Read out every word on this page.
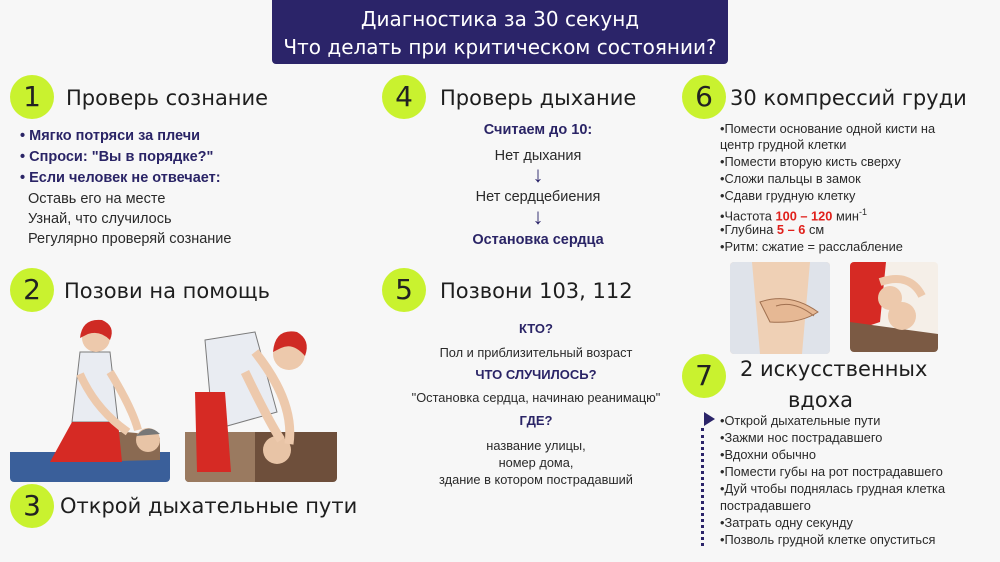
Диагностика за 30 секунд
Что делать при критическом состоянии?
1	Проверь сознание
• Мягко потряси за плечи
• Спроси: "Вы в порядке?"
• Если человек не отвечает:
Оставь его на месте
Узнай, что случилось
Регулярно проверяй сознание
2	Позови на помощь
3 Открой дыхательные пути
4	Проверь дыхание
Считаем до 10:
Нет дыхания
↓
Нет сердцебиения
↓
Остановка сердца
5	Позвони 103, 112
КТО?
Пол и приблизительный возраст
ЧТО СЛУЧИЛОСЬ?
"Остановка сердца, начинаю реанимацю"
ГДЕ?
название улицы,
номер дома,
здание в котором пострадавший
6 30 компрессий груди
•Помести основание одной кисти на
центр грудной клетки
•Помести вторую кисть сверху
•Сложи пальцы в замок
•Сдави грудную клетку
•Частота 100 – 120 мин$^{-1}$
•Глубина 5 – 6 см
•Ритм: сжатие = расслабление
7	2 искусственных
вдоха
•Открой дыхательные пути
•Зажми нос пострадавшего
•Вдохни обычно
•Помести губы на рот пострадавшего
•Дуй чтобы поднялась грудная клетка
пострадавшего
•Затрать одну секунду
•Позволь грудной клетке опуститься
